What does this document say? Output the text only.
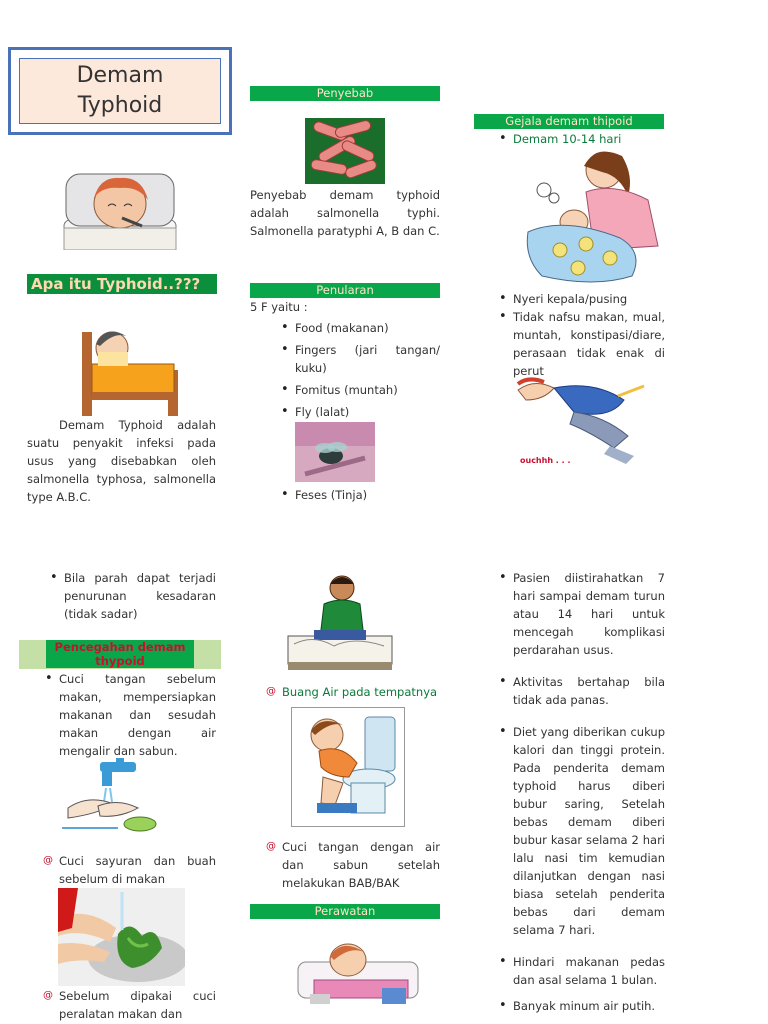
Demam
Typhoid
Apa itu Typhoid..???
Demam Typhoid adalah suatu penyakit infeksi pada usus yang disebabkan oleh salmonella typhosa, salmonella type A.B.C.
• Bila parah dapat terjadi penurunan kesadaran (tidak sadar)
Pencegahan demam thypoid
• Cuci tangan sebelum makan, mempersiapkan makanan dan sesudah makan dengan air mengalir dan sabun.
@ Cuci sayuran dan buah sebelum di makan
@ Sebelum dipakai cuci peralatan makan dan
Penyebab
Penyebab demam typhoid adalah salmonella typhi. Salmonella paratyphi A, B dan C.
Penularan
5 F yaitu :
• Food (makanan)
• Fingers (jari tangan/ kuku)
• Fomitus (muntah)
• Fly (lalat)
• Feses (Tinja)
@ Buang Air pada tempatnya
@ Cuci tangan dengan air dan sabun setelah melakukan BAB/BAK
Perawatan
Gejala demam thipoid
• Demam 10-14 hari
• Nyeri kepala/pusing
• Tidak nafsu makan, mual, muntah, konstipasi/diare, perasaan tidak enak di perut
ouchhh . . .
• Pasien diistirahatkan 7 hari sampai demam turun atau 14 hari untuk mencegah komplikasi perdarahan usus.
• Aktivitas bertahap bila tidak ada panas.
• Diet yang diberikan cukup kalori dan tinggi protein. Pada penderita demam typhoid harus diberi bubur saring, Setelah bebas demam diberi bubur kasar selama 2 hari lalu nasi tim kemudian dilanjutkan dengan nasi biasa setelah penderita bebas dari demam selama 7 hari.
• Hindari makanan pedas dan asal selama 1 bulan.
• Banyak minum air putih.
